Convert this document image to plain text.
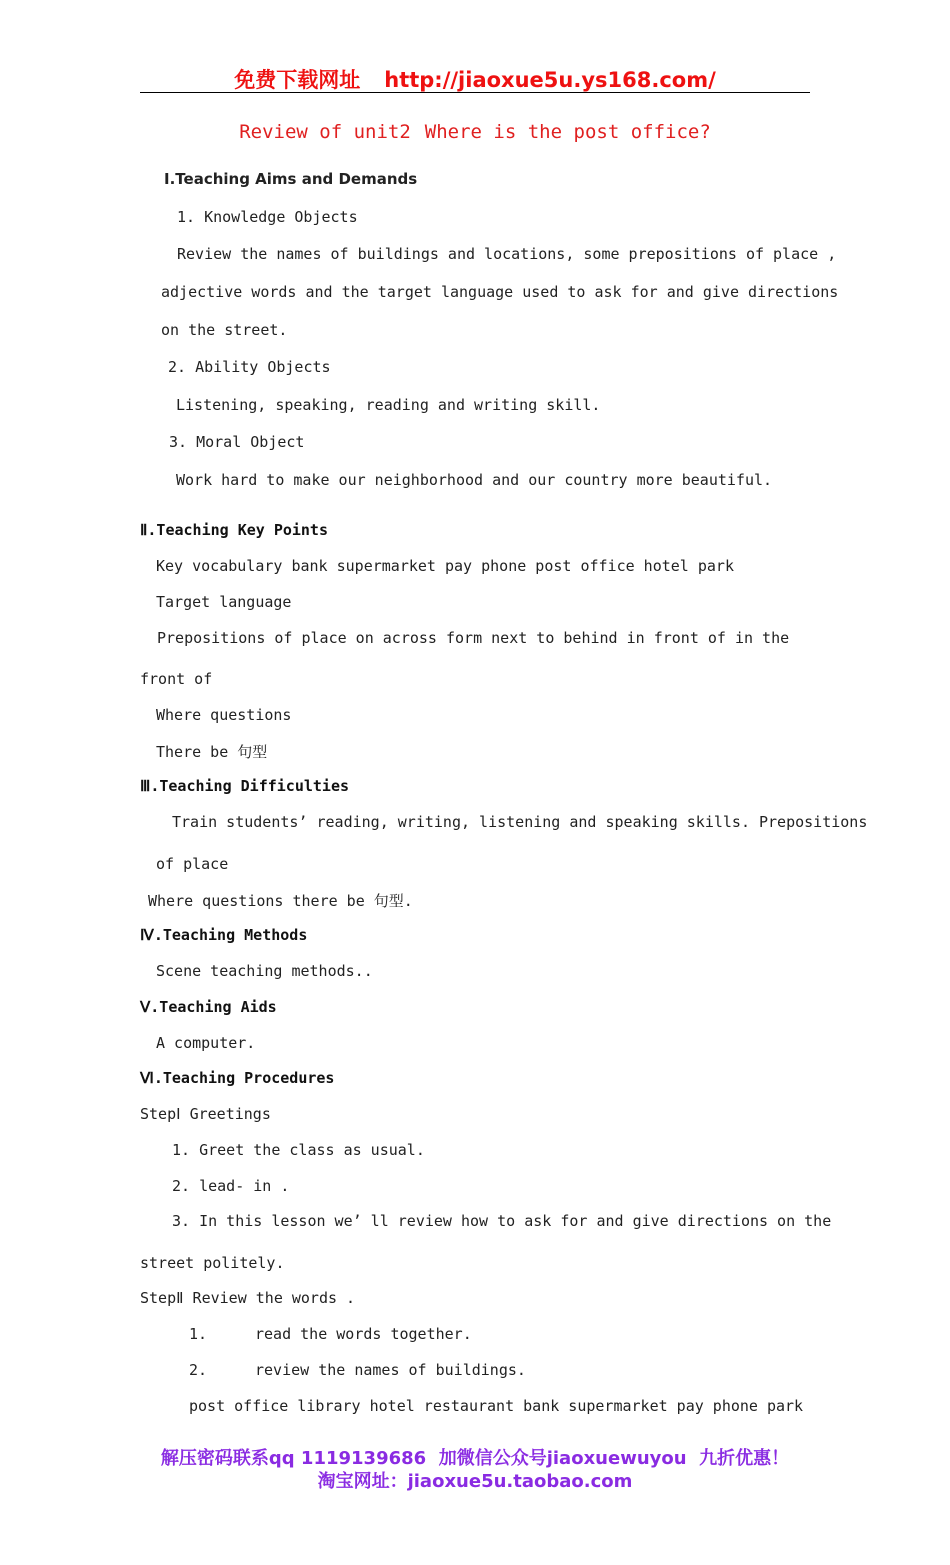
免费下载网址 http://jiaoxue5u.ys168.com/
Review of unit2 Where is the post office?
Ⅰ.Teaching Aims and Demands
1. Knowledge Objects
Review the names of buildings and locations, some prepositions of place ,
adjective words and the target language used to ask for and give directions
on the street.
2. Ability Objects
Listening, speaking, reading and writing skill.
3. Moral Object
Work hard to make our neighborhood and our country more beautiful.
Ⅱ.Teaching Key Points
Key vocabulary bank supermarket pay phone post office hotel park
Target language
Prepositions of place on across form next to behind in front of in the
front of
Where questions
There be 句型
Ⅲ.Teaching Difficulties
Train students’ reading, writing, listening and speaking skills. Prepositions
of place
Where questions there be 句型.
Ⅳ.Teaching Methods
Scene teaching methods..
Ⅴ.Teaching Aids
A computer.
Ⅵ.Teaching Procedures
StepⅠ Greetings
1. Greet the class as usual.
2. lead- in .
3. In this lesson we’ ll review how to ask for and give directions on the
street politely.
StepⅡ Review the words .
1.	read the words together.
2.	review the names of buildings.
post office library hotel restaurant bank supermarket pay phone park
解压密码联系qq 1119139686 加微信公众号jiaoxuewuyou 九折优惠！
淘宝网址：jiaoxue5u.taobao.com
